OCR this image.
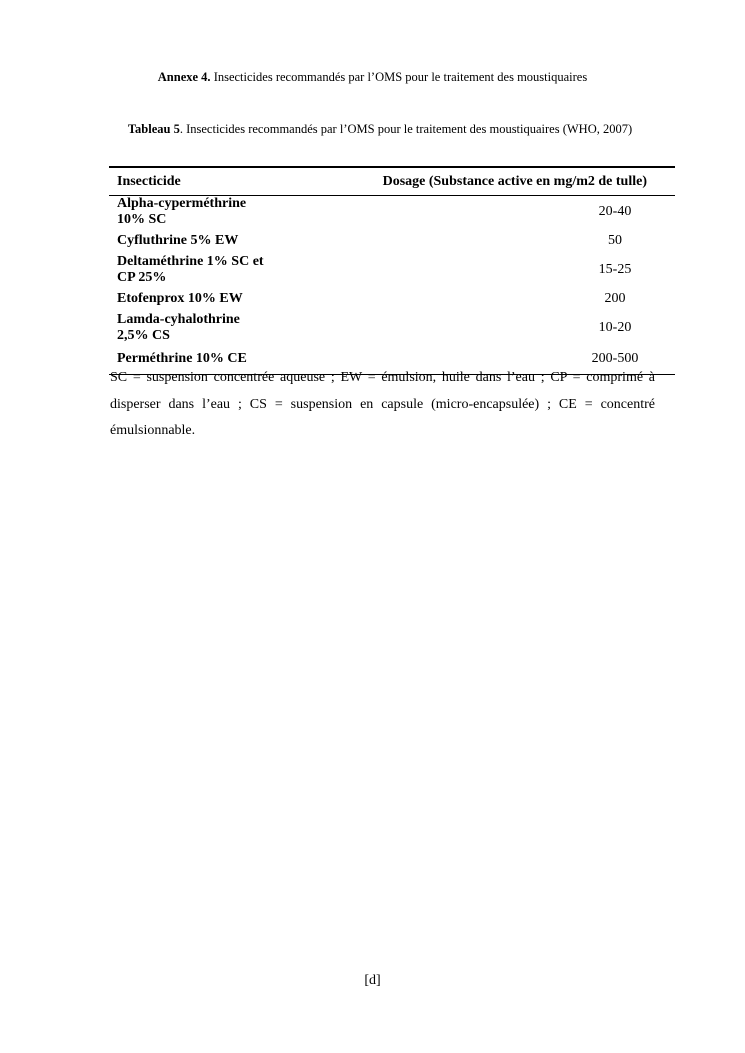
Annexe 4. Insecticides recommandés par l’OMS pour le traitement des moustiquaires
Tableau 5. Insecticides recommandés par l’OMS pour le traitement des moustiquaires (WHO, 2007)
Insecticide	Dosage (Substance active en mg/m2 de tulle)
Alpha-cyperméthrine 10% SC	20-40
Cyfluthrine 5% EW	50
Deltaméthrine 1% SC et CP 25%	15-25
Etofenprox 10% EW	200
Lamda-cyhalothrine 2,5% CS	10-20
Perméthrine 10% CE	200-500
SC = suspension concentrée aqueuse ; EW = émulsion, huile dans l’eau ; CP = comprimé à disperser dans l’eau ; CS = suspension en capsule (micro-encapsulée) ; CE = concentré émulsionnable.
[d]
